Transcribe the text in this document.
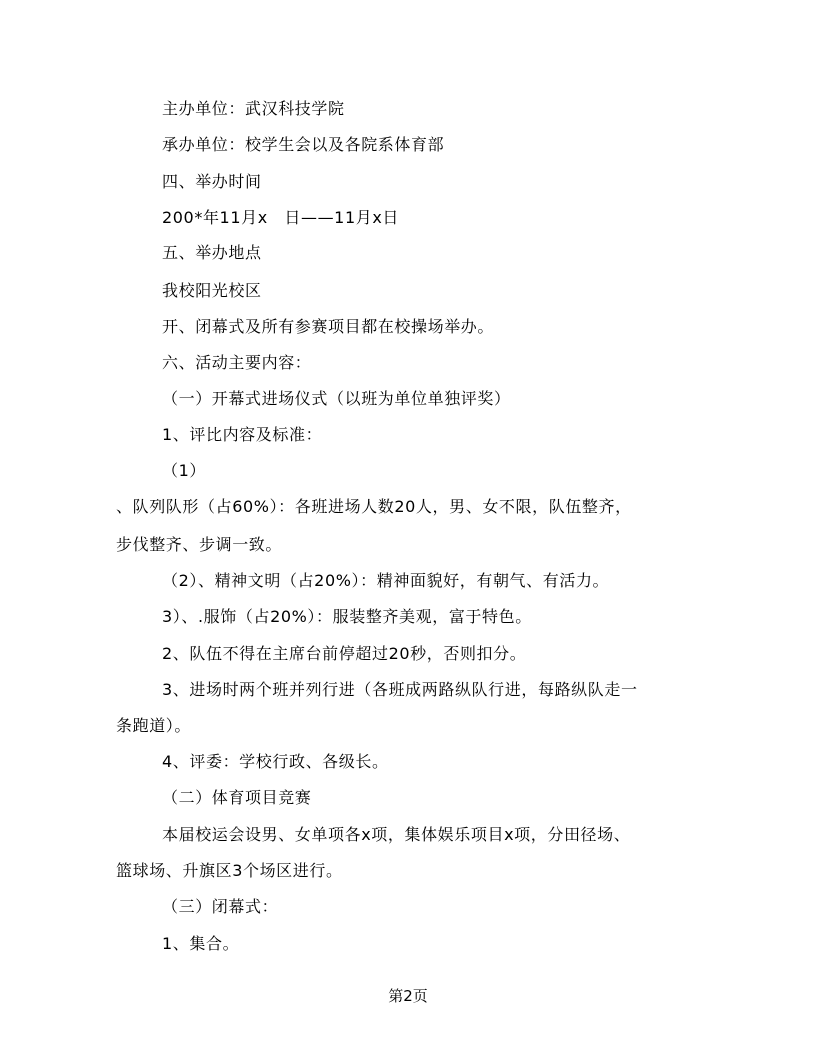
主办单位：武汉科技学院
承办单位：校学生会以及各院系体育部
四、举办时间
200*年11月x　日——11月x日
五、举办地点
我校阳光校区
开、闭幕式及所有参赛项目都在校操场举办。
六、活动主要内容：
（一）开幕式进场仪式（以班为单位单独评奖）
1、评比内容及标准：
（1）
、队列队形（占60%）：各班进场人数20人，男、女不限，队伍整齐，
步伐整齐、步调一致。
（2）、精神文明（占20%）：精神面貌好，有朝气、有活力。
3）、.服饰（占20%）：服装整齐美观，富于特色。
2、队伍不得在主席台前停超过20秒，否则扣分。
3、进场时两个班并列行进（各班成两路纵队行进，每路纵队走一
条跑道）。
4、评委：学校行政、各级长。
（二）体育项目竞赛
本届校运会设男、女单项各x项，集体娱乐项目x项，分田径场、
篮球场、升旗区3个场区进行。
（三）闭幕式：
1、集合。
第2页
